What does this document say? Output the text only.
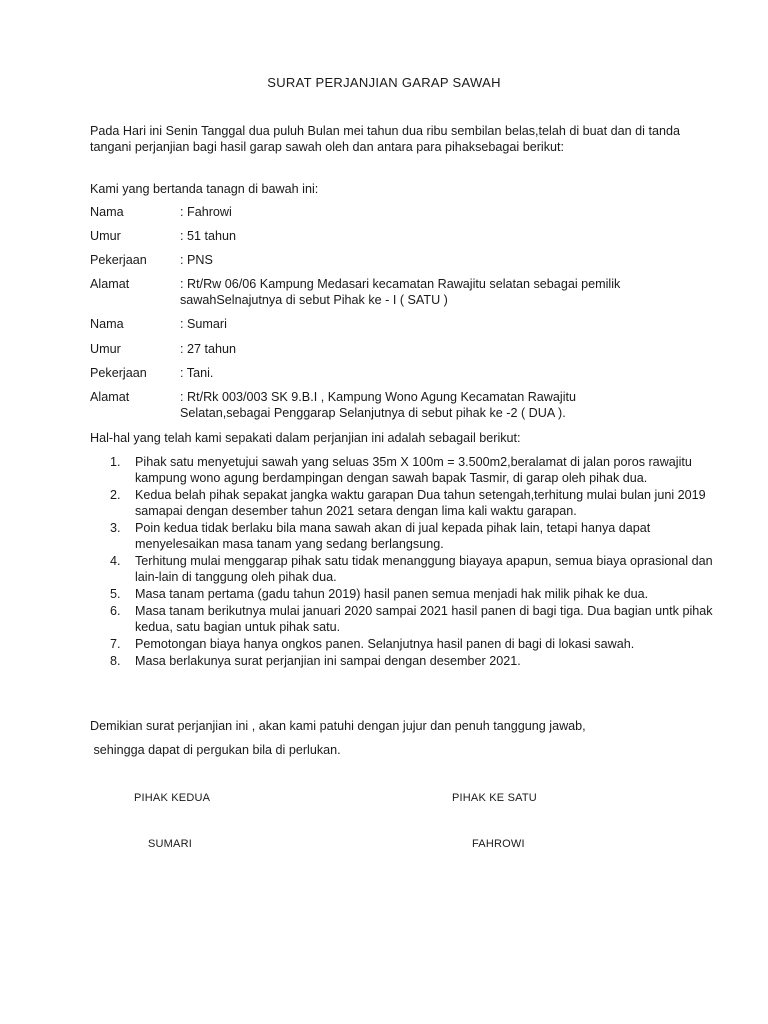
SURAT PERJANJIAN GARAP SAWAH

Pada Hari ini Senin Tanggal dua puluh Bulan mei tahun dua ribu sembilan belas,telah di buat dan di tanda tangani perjanjian bagi hasil garap sawah oleh dan antara para pihaksebagai berikut:

Kami yang bertanda tanagn di bawah ini:

Nama	: Fahrowi
Umur	: 51 tahun
Pekerjaan	: PNS
Alamat	: Rt/Rw 06/06 Kampung Medasari kecamatan Rawajitu selatan sebagai pemilik
sawahSelnajutnya di sebut Pihak ke - I ( SATU )
Nama	: Sumari
Umur	: 27 tahun
Pekerjaan	: Tani.
Alamat	: Rt/Rk 003/003 SK 9.B.I , Kampung Wono Agung Kecamatan Rawajitu
Selatan,sebagai Penggarap Selanjutnya di sebut pihak ke -2 ( DUA ).

Hal-hal yang telah kami sepakati dalam perjanjian ini adalah sebagail berikut:

1. Pihak satu menyetujui sawah yang seluas 35m X 100m = 3.500m2,beralamat di jalan poros rawajitu kampung wono agung berdampingan dengan sawah bapak Tasmir, di garap oleh pihak dua.
2. Kedua belah pihak sepakat jangka waktu garapan Dua tahun setengah,terhitung mulai bulan juni 2019 samapai dengan desember tahun 2021 setara dengan lima kali waktu garapan.
3. Poin kedua tidak berlaku bila mana sawah akan di jual kepada pihak lain, tetapi hanya dapat menyelesaikan masa tanam yang sedang berlangsung.
4. Terhitung mulai menggarap pihak satu tidak menanggung biayaya apapun, semua biaya oprasional dan lain-lain di tanggung oleh pihak dua.
5. Masa tanam pertama (gadu tahun 2019) hasil panen semua menjadi hak milik pihak ke dua.
6. Masa tanam berikutnya mulai januari 2020 sampai 2021 hasil panen di bagi tiga. Dua bagian untk pihak kedua, satu bagian untuk pihak satu.
7. Pemotongan biaya hanya ongkos panen. Selanjutnya hasil panen di bagi di lokasi sawah.
8. Masa berlakunya surat perjanjian ini sampai dengan desember 2021.

Demikian surat perjanjian ini , akan kami patuhi dengan jujur dan penuh tanggung jawab,

sehingga dapat di pergukan bila di perlukan.

PIHAK KEDUA	PIHAK KE SATU
SUMARI	FAHROWI
